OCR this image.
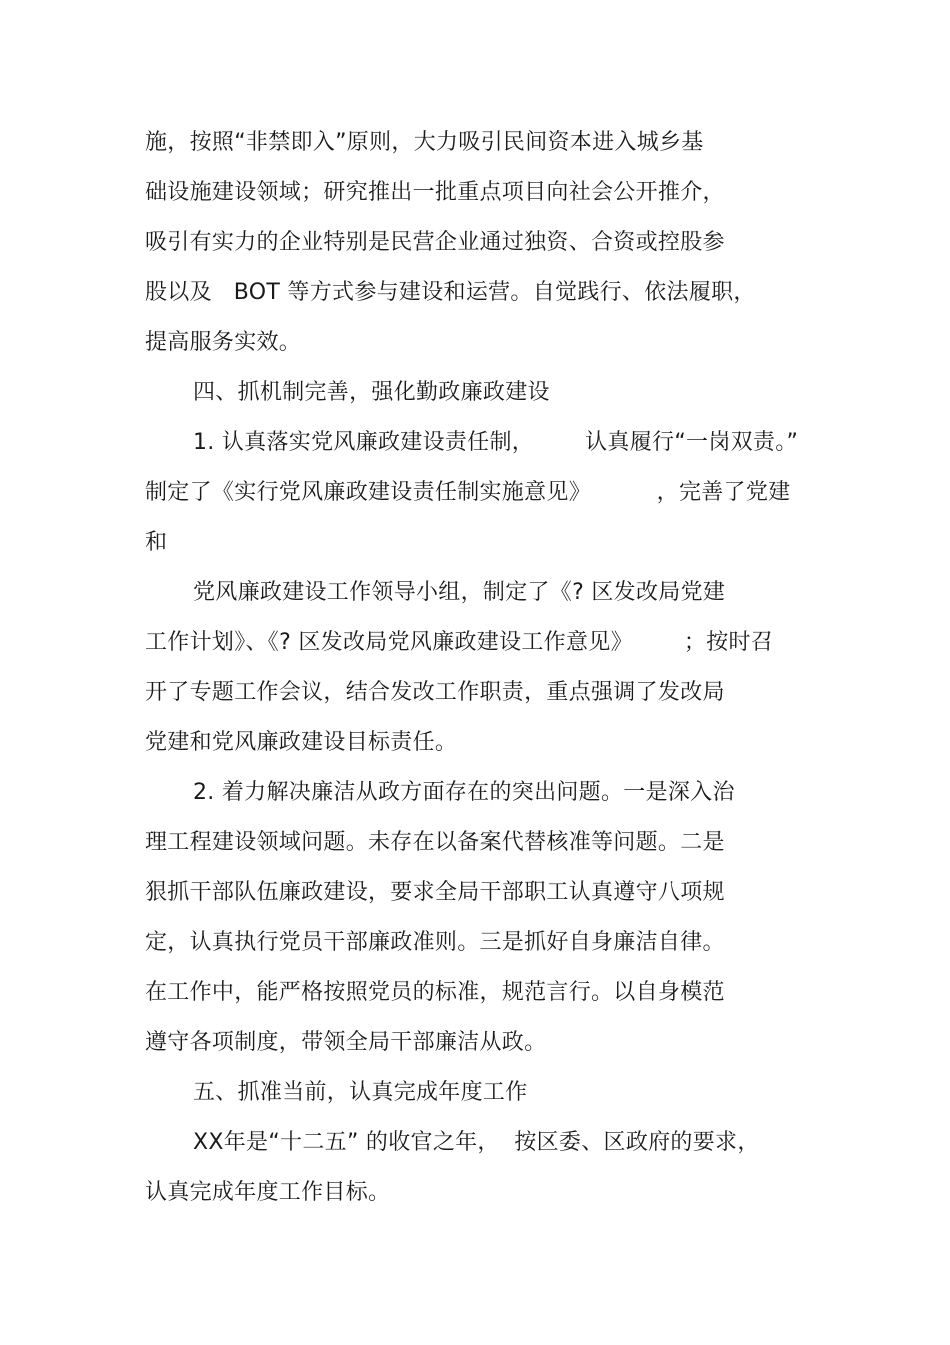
施，按照“非禁即入”原则，大力吸引民间资本进入城乡基
础设施建设领域；研究推出一批重点项目向社会公开推介，
吸引有实力的企业特别是民营企业通过独资、合资或控股参
股以及   BOT 等方式参与建设和运营。自觉践行、依法履职，
提高服务实效。
四、抓机制完善，强化勤政廉政建设
1. 认真落实党风廉政建设责任制，       认真履行“一岗双责。”
制定了《实行党风廉政建设责任制实施意见》         ，完善了党建
和
党风廉政建设工作领导小组，制定了《? 区发改局党建
工作计划》、《? 区发改局党风廉政建设工作意见》       ；按时召
开了专题工作会议，结合发改工作职责，重点强调了发改局
党建和党风廉政建设目标责任。
2. 着力解决廉洁从政方面存在的突出问题。一是深入治
理工程建设领域问题。未存在以备案代替核准等问题。二是
狠抓干部队伍廉政建设，要求全局干部职工认真遵守八项规
定，认真执行党员干部廉政准则。三是抓好自身廉洁自律。
在工作中，能严格按照党员的标准，规范言行。以自身模范
遵守各项制度，带领全局干部廉洁从政。
五、抓准当前，认真完成年度工作
XX年是“十二五” 的收官之年，  按区委、区政府的要求，
认真完成年度工作目标。
